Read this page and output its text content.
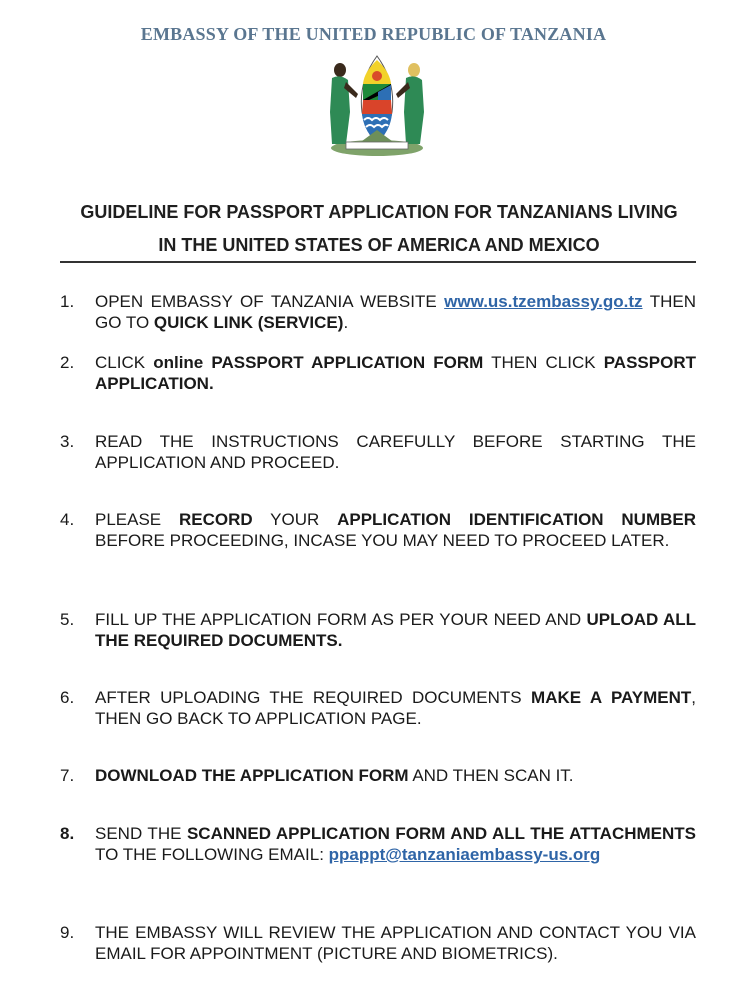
EMBASSY OF THE UNITED REPUBLIC OF TANZANIA
GUIDELINE FOR PASSPORT APPLICATION FOR TANZANIANS LIVING
IN THE UNITED STATES OF AMERICA AND MEXICO
1.	OPEN EMBASSY OF TANZANIA WEBSITE www.us.tzembassy.go.tz THEN GO TO QUICK LINK (SERVICE).
2.	CLICK online PASSPORT APPLICATION FORM THEN CLICK PASSPORT APPLICATION.
3.	READ THE INSTRUCTIONS CAREFULLY BEFORE STARTING THE APPLICATION AND PROCEED.
4.	PLEASE RECORD YOUR APPLICATION IDENTIFICATION NUMBER BEFORE PROCEEDING, INCASE YOU MAY NEED TO PROCEED LATER.
5.	FILL UP THE APPLICATION FORM AS PER YOUR NEED AND UPLOAD ALL THE REQUIRED DOCUMENTS.
6.	AFTER UPLOADING THE REQUIRED DOCUMENTS MAKE A PAYMENT, THEN GO BACK TO APPLICATION PAGE.
7.	DOWNLOAD THE APPLICATION FORM AND THEN SCAN IT.
8.	SEND THE SCANNED APPLICATION FORM AND ALL THE ATTACHMENTS TO THE FOLLOWING EMAIL: ppappt@tanzaniaembassy-us.org
9.	THE EMBASSY WILL REVIEW THE APPLICATION AND CONTACT YOU VIA EMAIL FOR APPOINTMENT (PICTURE AND BIOMETRICS).
